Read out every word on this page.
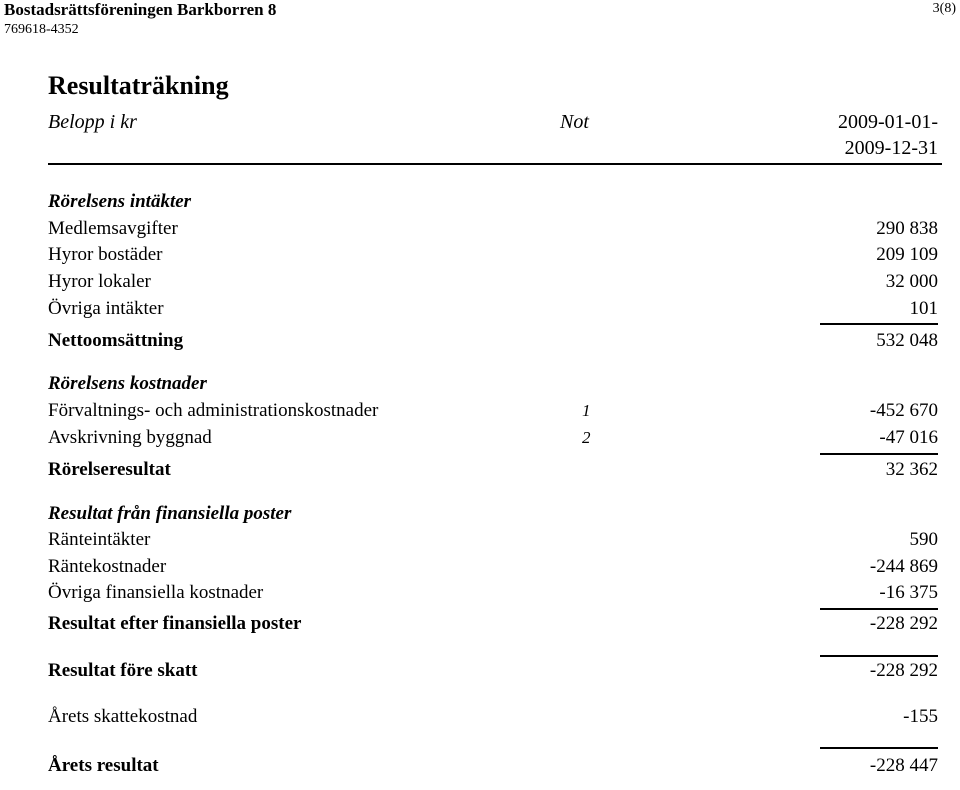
Bostadsrättsföreningen Barkborren 8
769618-4352
3(8)
Resultaträkning
Belopp i kr	Not	2009-01-01-
2009-12-31
Rörelsens intäkter
Medlemsavgifter	290 838
Hyror bostäder	209 109
Hyror lokaler	32 000
Övriga intäkter	101
Nettoomsättning	532 048
Rörelsens kostnader
Förvaltnings- och administrationskostnader	1	-452 670
Avskrivning byggnad	2	-47 016
Rörelseresultat	32 362
Resultat från finansiella poster
Ränteintäkter	590
Räntekostnader	-244 869
Övriga finansiella kostnader	-16 375
Resultat efter finansiella poster	-228 292
Resultat före skatt	-228 292
Årets skattekostnad	-155
Årets resultat	-228 447
